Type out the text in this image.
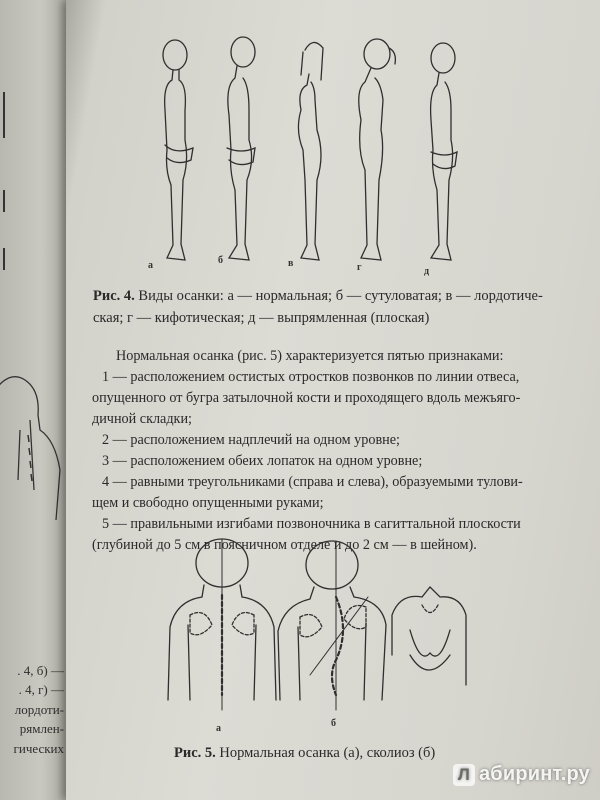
. 4, б) —
. 4, г) —
лордоти-
рямлен-
гических
а	б	в	г	д
Рис. 4. Виды осанки: а — нормальная; б — сутуловатая; в — лордотиче-
ская; г — кифотическая; д — выпрямленная (плоская)
Нормальная осанка (рис. 5) характеризуется пятью признаками:
1 — расположением остистых отростков позвонков по линии отвеса,
опущенного от бугра затылочной кости и проходящего вдоль межъяго-
дичной складки;
2 — расположением надплечий на одном уровне;
3 — расположением обеих лопаток на одном уровне;
4 — равными треугольниками (справа и слева), образуемыми тулови-
щем и свободно опущенными руками;
5 — правильными изгибами позвоночника в сагиттальной плоскости
(глубиной до 5 см в поясничном отделе и до 2 см — в шейном).
а	б
Рис. 5. Нормальная осанка (а), сколиоз (б)
Л абиринт.ру
